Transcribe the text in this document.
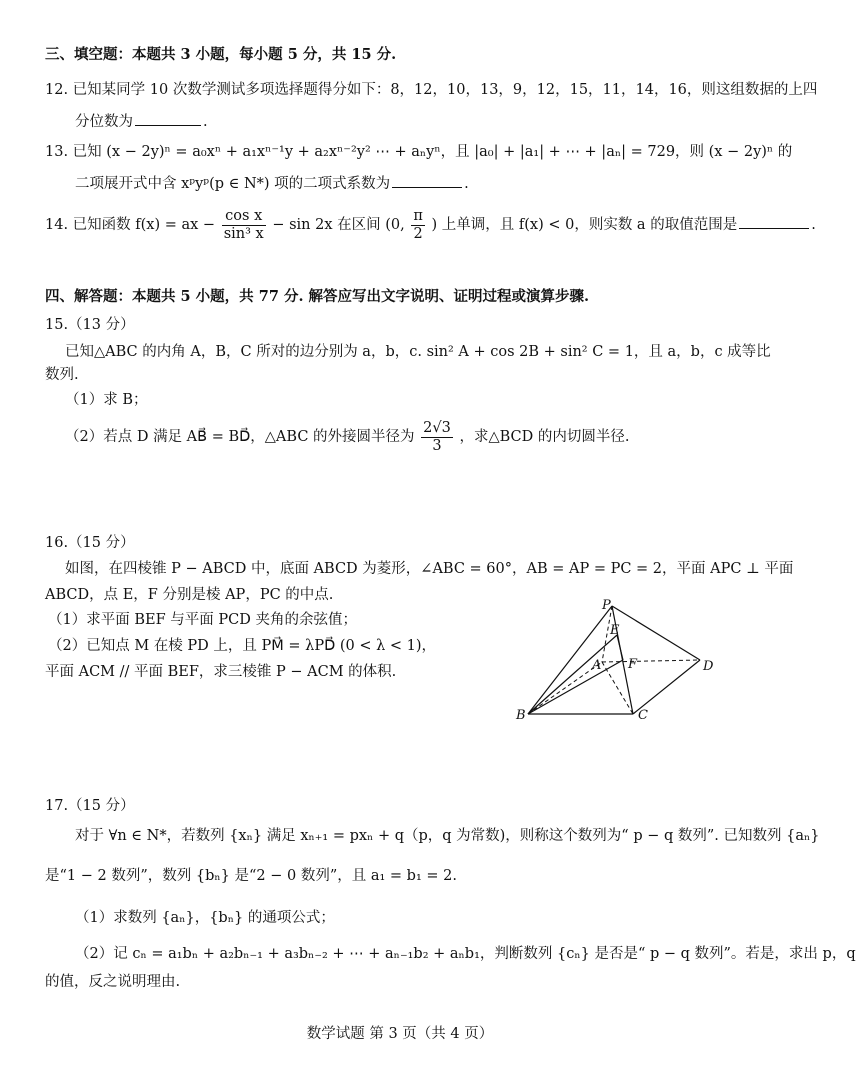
三、填空题：本题共 3 小题，每小题 5 分，共 15 分.
12. 已知某同学 10 次数学测试多项选择题得分如下：8，12，10，13，9，12，15，11，14，16，则这组数据的上四
分位数为	.
13. 已知 (x − 2y)ⁿ = a₀xⁿ + a₁xⁿ⁻¹y + a₂xⁿ⁻²y² ⋯ + aₙyⁿ，且 |a₀| + |a₁| + ⋯ + |aₙ| = 729，则 (x − 2y)ⁿ 的
二项展开式中含 xᵖyᵖ(p ∈ N*) 项的二项式系数为	.
14. 已知函数 f(x) = ax − $\frac{\text{cos x}}{\text{sin³ x}} - \sin 2x$ 在区间 (0, $\frac{\pi}{2}$ ) 上单调，且 f(x) < 0，则实数 a 的取值范围是	.
四、解答题：本题共 5 小题，共 77 分. 解答应写出文字说明、证明过程或演算步骤.
15.（13 分）
已知△ABC 的内角 A，B，C 所对的边分别为 a，b，c. sin² A + cos 2B + sin² C = 1，且 a，b，c 成等比
数列.
（1）求 B；
（2）若点 D 满足 AB⃗ = BD⃗，△ABC 的外接圆半径为 $\frac{2√3}{3}$ ，求△BCD 的内切圆半径.
16.（15 分）
如图，在四棱锥 P − ABCD 中，底面 ABCD 为菱形，∠ABC = 60°，AB = AP = PC = 2，平面 APC ⊥ 平面
ABCD，点 E，F 分别是棱 AP，PC 的中点.
（1）求平面 BEF 与平面 PCD 夹角的余弦值；
（2）已知点 M 在棱 PD 上，且 PM⃗ = λPD⃗ (0 < λ < 1)，
平面 ACM // 平面 BEF，求三棱锥 P − ACM 的体积.
P
E
A F	D
B	C
17.（15 分）
对于 ∀n ∈ N*，若数列 {xₙ} 满足 xₙ₊₁ = pxₙ + q（p，q 为常数)，则称这个数列为“ p − q 数列”. 已知数列 {aₙ}
是“1 − 2 数列”，数列 {bₙ} 是“2 − 0 数列”，且 a₁ = b₁ = 2.
（1）求数列 {aₙ}，{bₙ} 的通项公式；
（2）记 cₙ = a₁bₙ + a₂bₙ₋₁ + a₃bₙ₋₂ + ⋯ + aₙ₋₁b₂ + aₙb₁，判断数列 {cₙ} 是否是“ p − q 数列”。若是，求出 p，q
的值，反之说明理由.
数学试题 第 3 页（共 4 页）
